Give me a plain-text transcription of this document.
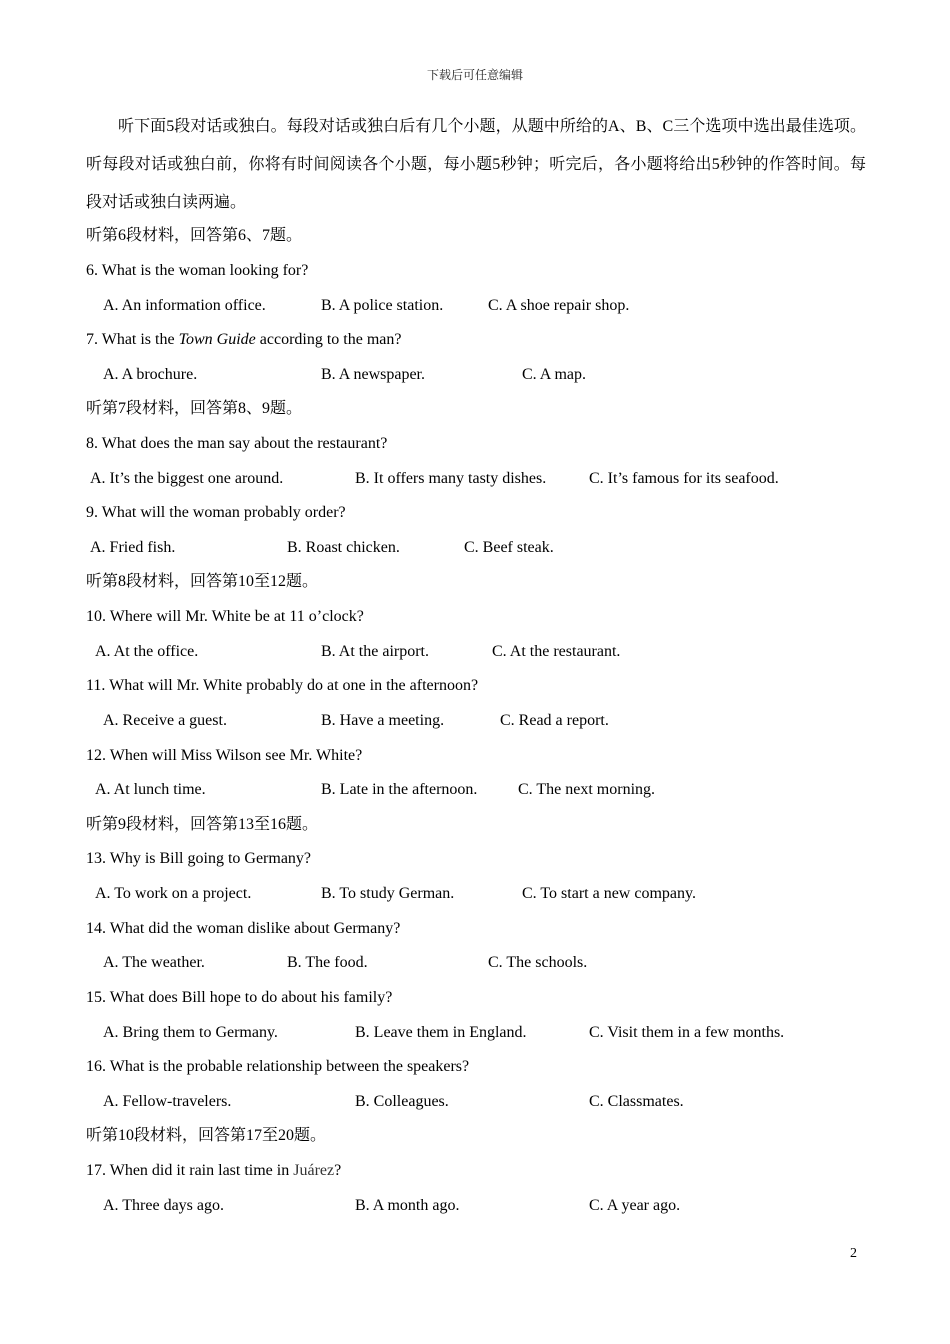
下载后可任意编辑
听下面5段对话或独白。每段对话或独白后有几个小题，从题中所给的A、B、C三个选项中选出最佳选项。听每段对话或独白前，你将有时间阅读各个小题，每小题5秒钟；听完后，各小题将给出5秒钟的作答时间。每段对话或独白读两遍。
听第6段材料，回答第6、7题。
6. What is the woman looking for?
A. An information office.	B. A police station.	C. A shoe repair shop.
7. What is the Town Guide according to the man?
A. A brochure.	B. A newspaper.	C. A map.
听第7段材料，回答第8、9题。
8. What does the man say about the restaurant?
A. It’s the biggest one around.	B. It offers many tasty dishes.	C. It’s famous for its seafood.
9. What will the woman probably order?
A. Fried fish.	B. Roast chicken.	C. Beef steak.
听第8段材料，回答第10至12题。
10. Where will Mr. White be at 11 o’clock?
A. At the office.	B. At the airport.	C. At the restaurant.
11. What will Mr. White probably do at one in the afternoon?
A. Receive a guest.	B. Have a meeting.	C. Read a report.
12. When will Miss Wilson see Mr. White?
A. At lunch time.	B. Late in the afternoon.	C. The next morning.
听第9段材料，回答第13至16题。
13. Why is Bill going to Germany?
A. To work on a project.	B. To study German.	C. To start a new company.
14. What did the woman dislike about Germany?
A. The weather.	B. The food.	C. The schools.
15. What does Bill hope to do about his family?
A. Bring them to Germany.	B. Leave them in England.	C. Visit them in a few months.
16. What is the probable relationship between the speakers?
A. Fellow-travelers.	B. Colleagues.	C. Classmates.
听第10段材料，回答第17至20题。
17. When did it rain last time in Juárez?
A. Three days ago.	B. A month ago.	C. A year ago.
2
